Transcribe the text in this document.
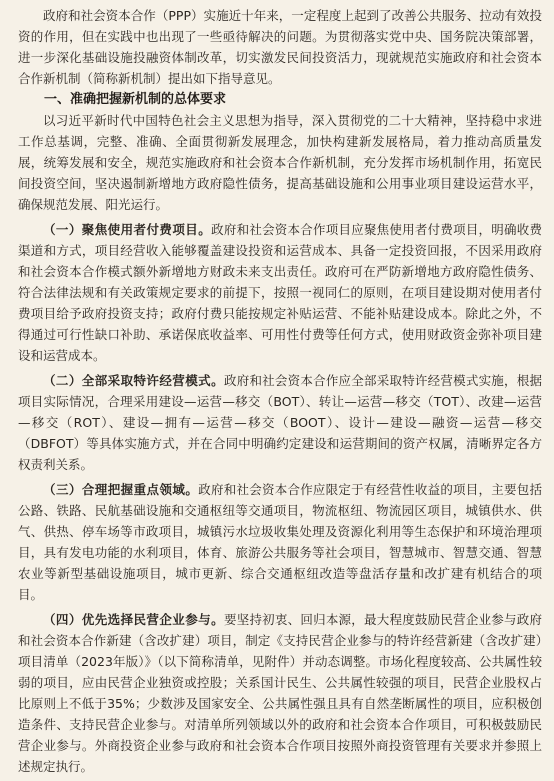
政府和社会资本合作（PPP）实施近十年来，一定程度上起到了改善公共服务、拉动有效投资的作用，但在实践中也出现了一些亟待解决的问题。为贯彻落实党中央、国务院决策部署，进一步深化基础设施投融资体制改革，切实激发民间投资活力，现就规范实施政府和社会资本合作新机制（简称新机制）提出如下指导意见。

一、准确把握新机制的总体要求

以习近平新时代中国特色社会主义思想为指导，深入贯彻党的二十大精神，坚持稳中求进工作总基调，完整、准确、全面贯彻新发展理念，加快构建新发展格局，着力推动高质量发展，统筹发展和安全，规范实施政府和社会资本合作新机制，充分发挥市场机制作用，拓宽民间投资空间，坚决遏制新增地方政府隐性债务，提高基础设施和公用事业项目建设运营水平，确保规范发展、阳光运行。

（一）聚焦使用者付费项目。政府和社会资本合作项目应聚焦使用者付费项目，明确收费渠道和方式，项目经营收入能够覆盖建设投资和运营成本、具备一定投资回报，不因采用政府和社会资本合作模式额外新增地方财政未来支出责任。政府可在严防新增地方政府隐性债务、符合法律法规和有关政策规定要求的前提下，按照一视同仁的原则，在项目建设期对使用者付费项目给予政府投资支持；政府付费只能按规定补贴运营、不能补贴建设成本。除此之外，不得通过可行性缺口补助、承诺保底收益率、可用性付费等任何方式，使用财政资金弥补项目建设和运营成本。

（二）全部采取特许经营模式。政府和社会资本合作应全部采取特许经营模式实施，根据项目实际情况，合理采用建设—运营—移交（BOT）、转让—运营—移交（TOT）、改建—运营—移交（ROT）、建设—拥有—运营—移交（BOOT）、设计—建设—融资—运营—移交（DBFOT）等具体实施方式，并在合同中明确约定建设和运营期间的资产权属，清晰界定各方权责利关系。

（三）合理把握重点领域。政府和社会资本合作应限定于有经营性收益的项目，主要包括公路、铁路、民航基础设施和交通枢纽等交通项目，物流枢纽、物流园区项目，城镇供水、供气、供热、停车场等市政项目，城镇污水垃圾收集处理及资源化利用等生态保护和环境治理项目，具有发电功能的水利项目，体育、旅游公共服务等社会项目，智慧城市、智慧交通、智慧农业等新型基础设施项目，城市更新、综合交通枢纽改造等盘活存量和改扩建有机结合的项目。

（四）优先选择民营企业参与。要坚持初衷、回归本源，最大程度鼓励民营企业参与政府和社会资本合作新建（含改扩建）项目，制定《支持民营企业参与的特许经营新建（含改扩建）项目清单（2023年版）》（以下简称清单，见附件）并动态调整。市场化程度较高、公共属性较弱的项目，应由民营企业独资或控股；关系国计民生、公共属性较强的项目，民营企业股权占比原则上不低于35%；少数涉及国家安全、公共属性强且具有自然垄断属性的项目，应积极创造条件、支持民营企业参与。对清单所列领域以外的政府和社会资本合作项目，可积极鼓励民营企业参与。外商投资企业参与政府和社会资本合作项目按照外商投资管理有关要求并参照上述规定执行。
